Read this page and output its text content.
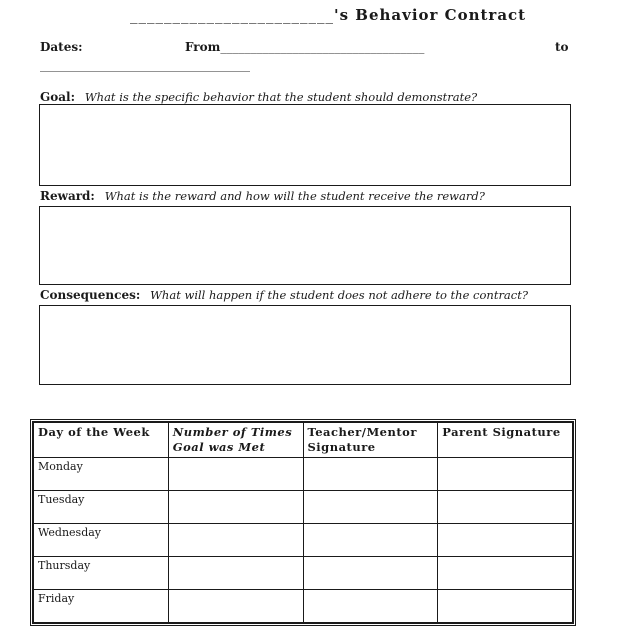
________________________'s Behavior Contract
Dates:	From__________________________________	to
___________________________________
Goal: What is the specific behavior that the student should demonstrate?
Reward: What is the reward and how will the student receive the reward?
Consequences: What will happen if the student does not adhere to the contract?
Day of the Week	Number of Times Goal was Met	Teacher/Mentor Signature	Parent Signature
Monday			
Tuesday			
Wednesday			
Thursday			
Friday			
